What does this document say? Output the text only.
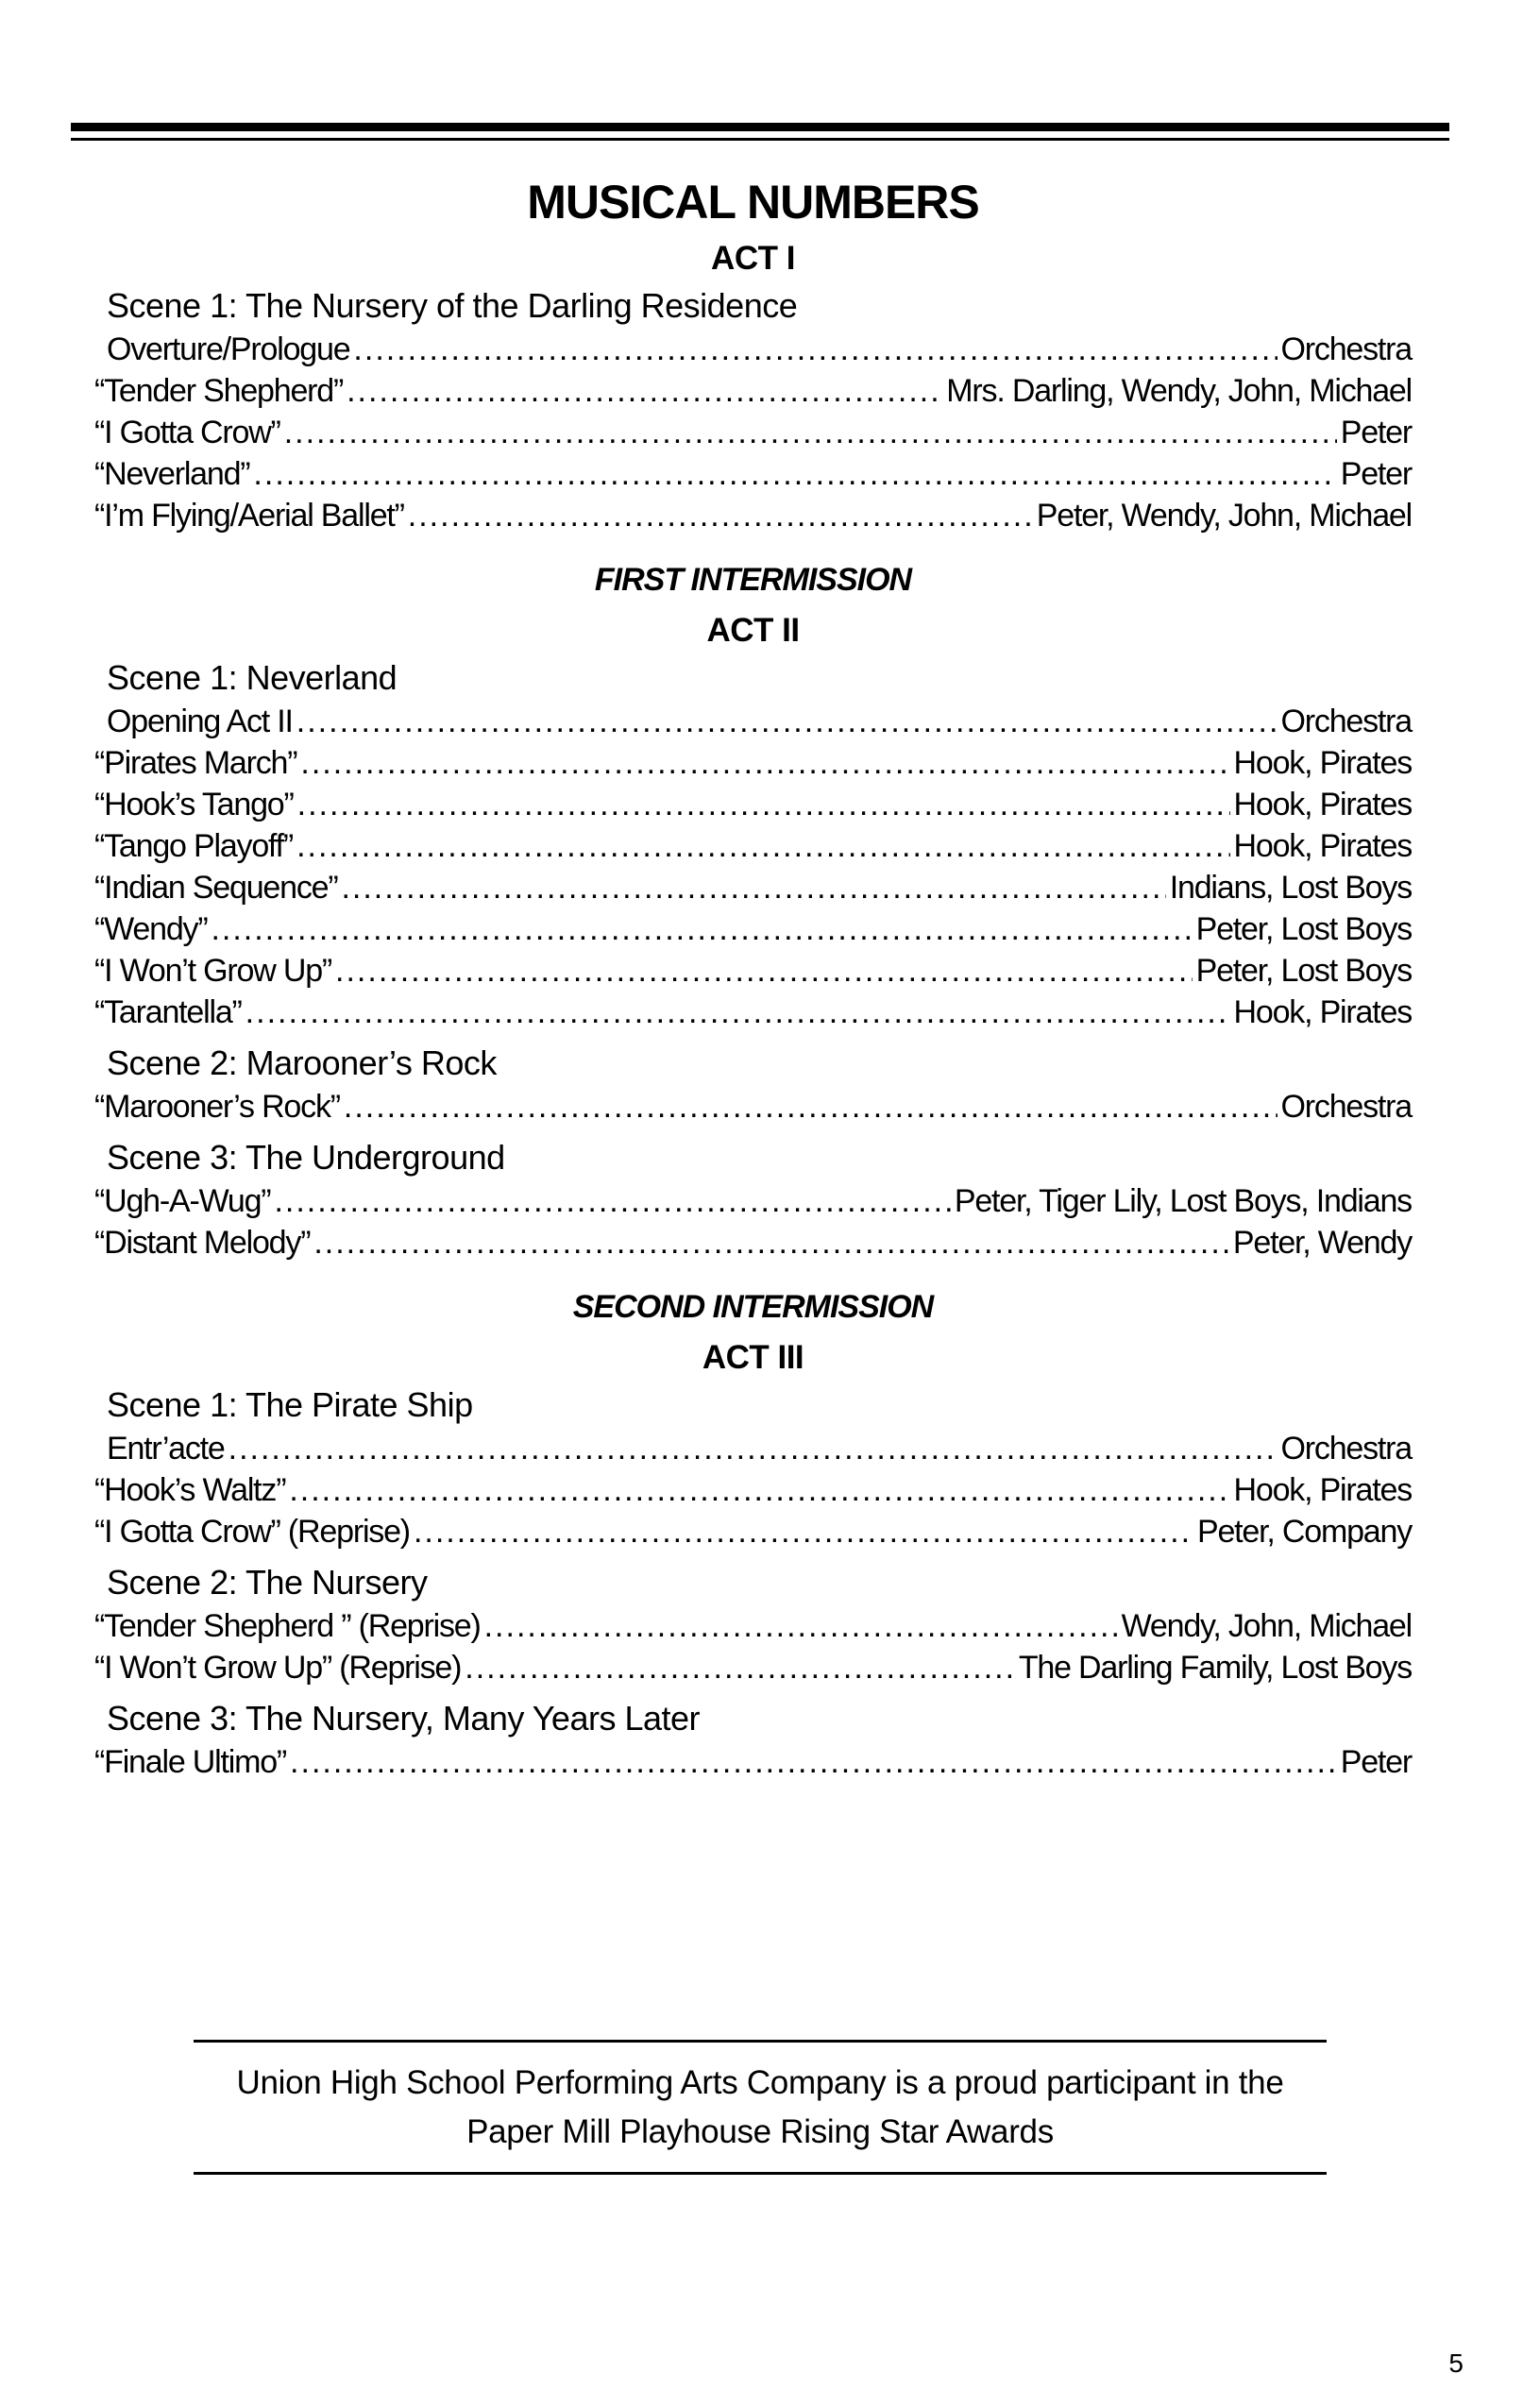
MUSICAL NUMBERS
ACT I
Scene 1: The Nursery of the Darling Residence
Overture/Prologue .....	Orchestra
“Tender Shepherd” .....	Mrs. Darling, Wendy, John, Michael
“I Gotta Crow” .....	Peter
“Neverland” .....	Peter
“I’m Flying/Aerial Ballet” .....	Peter, Wendy, John, Michael
FIRST INTERMISSION
ACT II
Scene 1: Neverland
Opening Act II .....	Orchestra
“Pirates March” .....	Hook, Pirates
“Hook’s Tango” .....	Hook, Pirates
“Tango Playoff” .....	Hook, Pirates
“Indian Sequence” .....	Indians, Lost Boys
“Wendy” .....	Peter, Lost Boys
“I Won’t Grow Up” .....	Peter, Lost Boys
“Tarantella” .....	Hook, Pirates
Scene 2: Marooner’s Rock
“Marooner’s Rock” .....	Orchestra
Scene 3: The Underground
“Ugh-A-Wug” .....	Peter, Tiger Lily, Lost Boys, Indians
“Distant Melody” .....	Peter, Wendy
SECOND INTERMISSION
ACT III
Scene 1: The Pirate Ship
Entr’acte .....	Orchestra
“Hook’s Waltz” .....	Hook, Pirates
“I Gotta Crow” (Reprise) .....	Peter, Company
Scene 2: The Nursery
“Tender Shepherd ” (Reprise) .....	Wendy, John, Michael
“I Won’t Grow Up” (Reprise) .....	The Darling Family, Lost Boys
Scene 3: The Nursery, Many Years Later
“Finale Ultimo” .....	Peter
Union High School Performing Arts Company is a proud participant in the
Paper Mill Playhouse Rising Star Awards
5
